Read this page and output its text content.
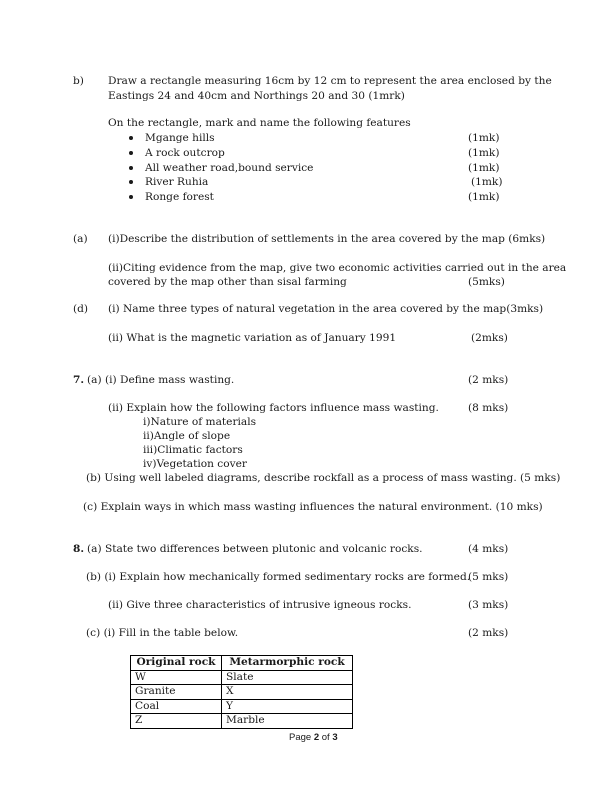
b) Draw a rectangle measuring 16cm by 12 cm to represent the area enclosed by the
Eastings 24 and 40cm and Northings 20 and 30 (1mrk)
On the rectangle, mark and name the following features
Mgange hills	(1mk)
A rock outcrop	(1mk)
All weather road,bound service	(1mk)
River Ruhia	(1mk)
Ronge forest	(1mk)
(a) (i)Describe the distribution of settlements in the area covered by the map (6mks)
(ii)Citing evidence from the map, give two economic activities carried out in the area
covered by the map other than sisal farming	(5mks)
(d) (i) Name three types of natural vegetation in the area covered by the map(3mks)
(ii) What is the magnetic variation as of January 1991	(2mks)
7. (a) (i) Define mass wasting.	(2 mks)
(ii) Explain how the following factors influence mass wasting.	(8 mks)
i)Nature of materials
ii)Angle of slope
iii)Climatic factors
iv)Vegetation cover
(b) Using well labeled diagrams, describe rockfall as a process of mass wasting. (5 mks)
(c) Explain ways in which mass wasting influences the natural environment. (10 mks)
8. (a) State two differences between plutonic and volcanic rocks.	(4 mks)
(b) (i) Explain how mechanically formed sedimentary rocks are formed.
(5 mks)
(ii) Give three characteristics of intrusive igneous rocks.	(3 mks)
(c) (i) Fill in the table below.	(2 mks)
Original rock	Metarmorphic rock
W	Slate
Granite	X
Coal	Y
Z	Marble
Page 2 of 3
